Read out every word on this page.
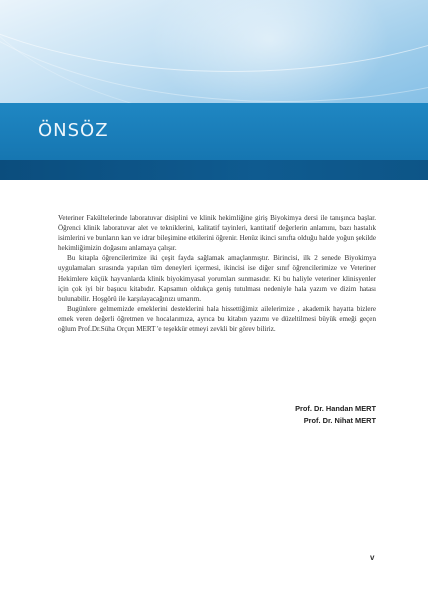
ÖNSÖZ

Veteriner Fakültelerinde laboratuvar disiplini ve klinik hekimliğine giriş Biyokimya dersi ile tanışınca başlar. Öğrenci klinik laboratuvar alet ve tekniklerini, kalitatif tayinleri, kantitatif değerlerin anlamını, bazı hastalık isimlerini ve bunların kan ve idrar bileşimine etkilerini öğrenir. Henüz ikinci sınıfta olduğu halde yoğun şekilde hekimliğimizin doğasını anlamaya çalışır.

Bu kitapla öğrencilerimize iki çeşit fayda sağlamak amaçlanmıştır. Birincisi, ilk 2 senede Biyokimya uygulamaları sırasında yapılan tüm deneyleri içermesi, ikincisi ise diğer sınıf öğrencilerimize ve Veteriner Hekimlere küçük hayvanlarda klinik biyokimyasal yorumları sunmasıdır. Ki bu haliyle veteriner klinisyenler için çok iyi bir başucu kitabıdır. Kapsamın oldukça geniş tutulması nedeniyle hala yazım ve dizim hatası bulunabilir. Hoşgörü ile karşılayacağınızı umarım.

Bugünlere gelmemizde emeklerini desteklerini hala hissettiğimiz ailelerimize , akademik hayatta bizlere emek veren değerli öğretmen ve hocalarımıza, ayrıca bu kitabın yazımı ve düzeltilmesi büyük emeği geçen oğlum Prof.Dr.Süha Orçun MERT 'e teşekkür etmeyi zevkli bir görev biliriz.

Prof. Dr. Handan MERT
Prof. Dr. Nihat MERT
v
